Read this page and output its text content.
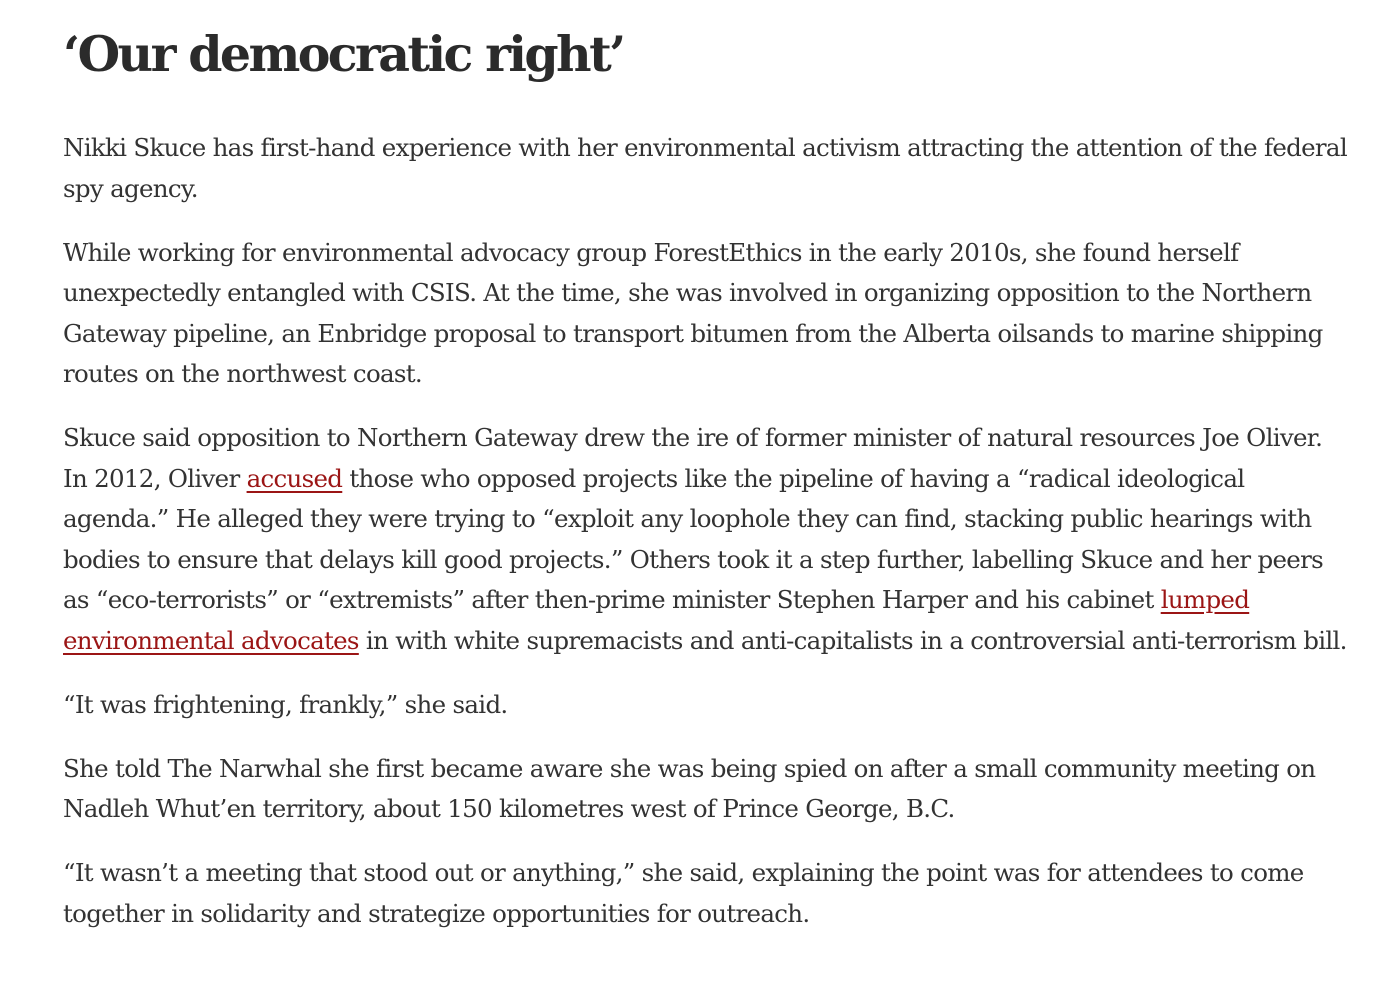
‘Our democratic right’

Nikki Skuce has first-hand experience with her environmental activism attracting the attention of the federal spy agency.

While working for environmental advocacy group ForestEthics in the early 2010s, she found herself unexpectedly entangled with CSIS. At the time, she was involved in organizing opposition to the Northern Gateway pipeline, an Enbridge proposal to transport bitumen from the Alberta oilsands to marine shipping routes on the northwest coast.

Skuce said opposition to Northern Gateway drew the ire of former minister of natural resources Joe Oliver. In 2012, Oliver accused those who opposed projects like the pipeline of having a “radical ideological agenda.” He alleged they were trying to “exploit any loophole they can find, stacking public hearings with bodies to ensure that delays kill good projects.” Others took it a step further, labelling Skuce and her peers as “eco-terrorists” or “extremists” after then-prime minister Stephen Harper and his cabinet lumped environmental advocates in with white supremacists and anti-capitalists in a controversial anti-terrorism bill.

“It was frightening, frankly,” she said.

She told The Narwhal she first became aware she was being spied on after a small community meeting on Nadleh Whut’en territory, about 150 kilometres west of Prince George, B.C.

“It wasn’t a meeting that stood out or anything,” she said, explaining the point was for attendees to come together in solidarity and strategize opportunities for outreach.
